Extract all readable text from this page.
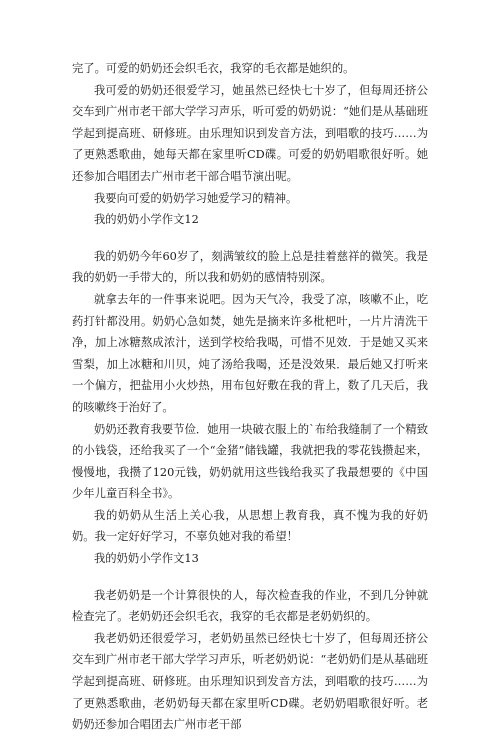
完了。可爱的奶奶还会织毛衣，我穿的毛衣都是她织的。

我可爱的奶奶还很爱学习，她虽然已经快七十岁了，但每周还挤公交车到广州市老干部大学学习声乐，听可爱的奶奶说：“她们是从基础班学起到提高班、研修班。由乐理知识到发音方法，到唱歌的技巧……为了更熟悉歌曲，她每天都在家里听CD碟。可爱的奶奶唱歌很好听。她还参加合唱团去广州市老干部合唱节演出呢。

我要向可爱的奶奶学习她爱学习的精神。

我的奶奶小学作文12

我的奶奶今年60岁了，刻满皱纹的脸上总是挂着慈祥的微笑。我是我的奶奶一手带大的，所以我和奶奶的感情特别深。

就拿去年的一件事来说吧。因为天气冷，我受了凉，咳嗽不止，吃药打针都没用。奶奶心急如焚，她先是摘来许多枇杷叶，一片片清洗干净，加上冰糖熬成浓汁，送到学校给我喝，可惜不见效．于是她又买来雪梨，加上冰糖和川贝，炖了汤给我喝，还是没效果．最后她又打听来一个偏方，把盐用小火炒热，用布包好敷在我的背上，数了几天后，我的咳嗽终于治好了。

奶奶还教育我要节俭．她用一块破衣服上的`布给我缝制了一个精致的小钱袋，还给我买了一个“金猪”储钱罐，我就把我的零花钱攒起来，慢慢地，我攒了120元钱，奶奶就用这些钱给我买了我最想要的《中国少年儿童百科全书》。

我的奶奶从生活上关心我，从思想上教育我，真不愧为我的好奶奶。我一定好好学习，不辜负她对我的希望！

我的奶奶小学作文13

我老奶奶是一个计算很快的人，每次检查我的作业，不到几分钟就检查完了。老奶奶还会织毛衣，我穿的毛衣都是老奶奶织的。

我老奶奶还很爱学习，老奶奶虽然已经快七十岁了，但每周还挤公交车到广州市老干部大学学习声乐，听老奶奶说：“老奶奶们是从基础班学起到提高班、研修班。由乐理知识到发音方法，到唱歌的技巧……为了更熟悉歌曲，老奶奶每天都在家里听CD碟。老奶奶唱歌很好听。老奶奶还参加合唱团去广州市老干部
